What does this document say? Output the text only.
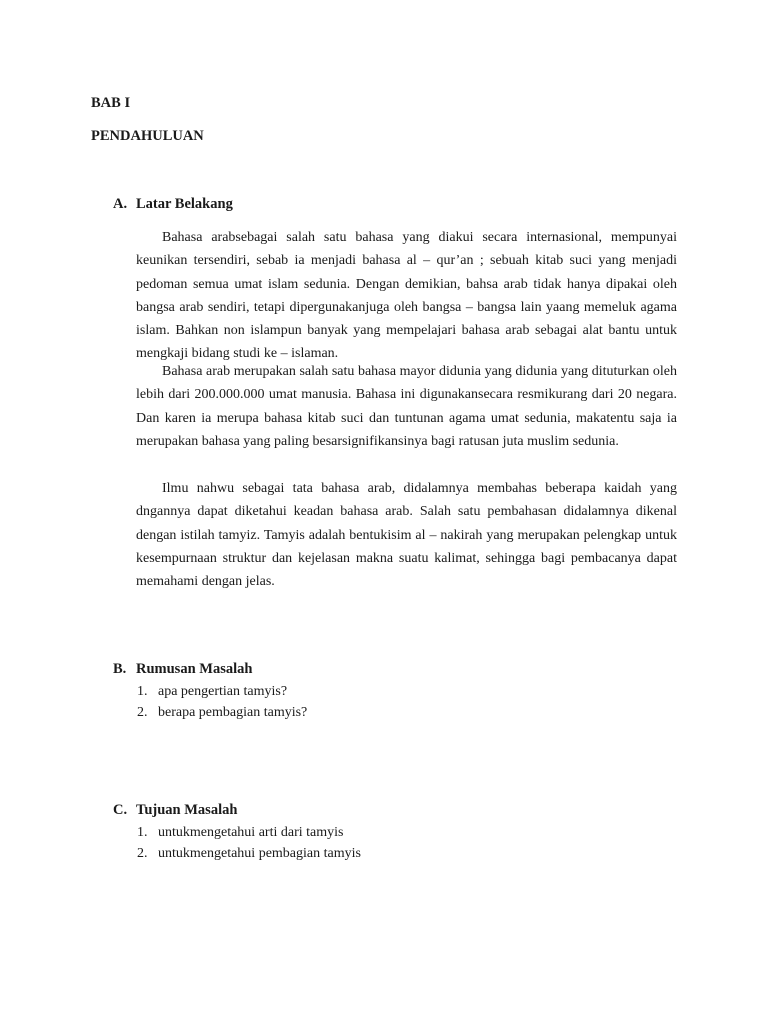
BAB I
PENDAHULUAN
A. Latar Belakang

Bahasa arabsebagai salah satu bahasa yang diakui secara internasional, mempunyai keunikan tersendiri, sebab ia menjadi bahasa al – qur’an ; sebuah kitab suci yang menjadi pedoman semua umat islam sedunia. Dengan demikian, bahsa arab tidak hanya dipakai oleh bangsa arab sendiri, tetapi dipergunakanjuga oleh bangsa – bangsa lain yaang memeluk agama islam. Bahkan non islampun banyak yang mempelajari bahasa arab sebagai alat bantu untuk mengkaji bidang studi ke – islaman.

Bahasa arab merupakan salah satu bahasa mayor didunia yang didunia yang dituturkan oleh lebih dari 200.000.000 umat manusia. Bahasa ini digunakansecara resmikurang dari 20 negara. Dan karen ia merupa bahasa kitab suci dan tuntunan agama umat sedunia, makatentu saja ia merupakan bahasa yang paling besarsignifikansinya bagi ratusan juta muslim sedunia.

Ilmu nahwu sebagai tata bahasa arab, didalamnya membahas beberapa kaidah yang dngannya dapat diketahui keadan bahasa arab. Salah satu pembahasan didalamnya dikenal dengan istilah tamyiz. Tamyis adalah bentukisim al – nakirah yang merupakan pelengkap untuk kesempurnaan struktur dan kejelasan makna suatu kalimat, sehingga bagi pembacanya dapat memahami dengan jelas.

B. Rumusan Masalah
1. apa pengertian tamyis?
2. berapa pembagian tamyis?
C. Tujuan Masalah
1. untukmengetahui arti dari tamyis
2. untukmengetahui pembagian tamyis
